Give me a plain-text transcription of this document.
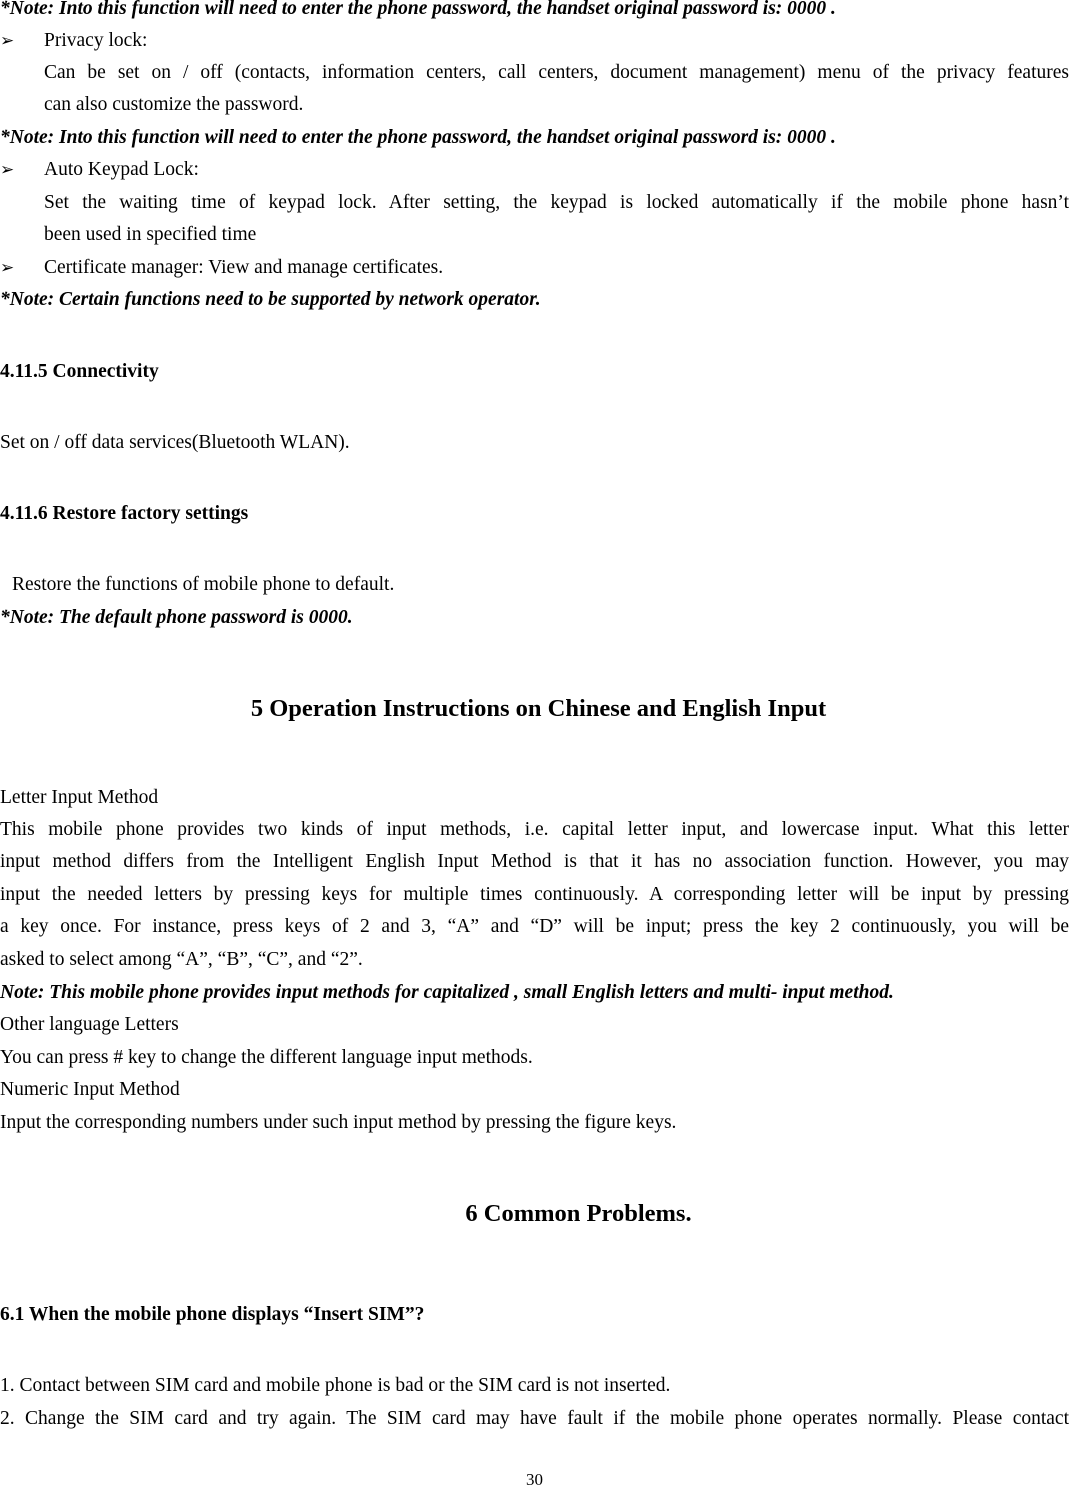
*Note: Into this function will need to enter the phone password, the handset original password is: 0000 .
➢	Privacy lock:
Can be set on / off (contacts, information centers, call centers, document management) menu of the privacy features
can also customize the password.
*Note: Into this function will need to enter the phone password, the handset original password is: 0000 .
➢	Auto Keypad Lock:
Set the waiting time of keypad lock. After setting, the keypad is locked automatically if the mobile phone hasn’t
been used in specified time
➢	Certificate manager: View and manage certificates.
*Note: Certain functions need to be supported by network operator.
4.11.5 Connectivity
Set on / off data services(Bluetooth WLAN).
4.11.6 Restore factory settings
Restore the functions of mobile phone to default.
*Note: The default phone password is 0000.
5 Operation Instructions on Chinese and English Input
Letter Input Method
This mobile phone provides two kinds of input methods, i.e. capital letter input, and lowercase input. What this letter
input method differs from the Intelligent English Input Method is that it has no association function. However, you may
input the needed letters by pressing keys for multiple times continuously. A corresponding letter will be input by pressing
a key once. For instance, press keys of 2 and 3, “A” and “D” will be input; press the key 2 continuously, you will be
asked to select among “A”, “B”, “C”, and “2”.
Note: This mobile phone provides input methods for capitalized , small English letters and multi- input method.
Other language Letters
You can press # key to change the different language input methods.
Numeric Input Method
Input the corresponding numbers under such input method by pressing the figure keys.
6 Common Problems.
6.1 When the mobile phone displays “Insert SIM”?
1. Contact between SIM card and mobile phone is bad or the SIM card is not inserted.
2. Change the SIM card and try again. The SIM card may have fault if the mobile phone operates normally. Please contact
30
